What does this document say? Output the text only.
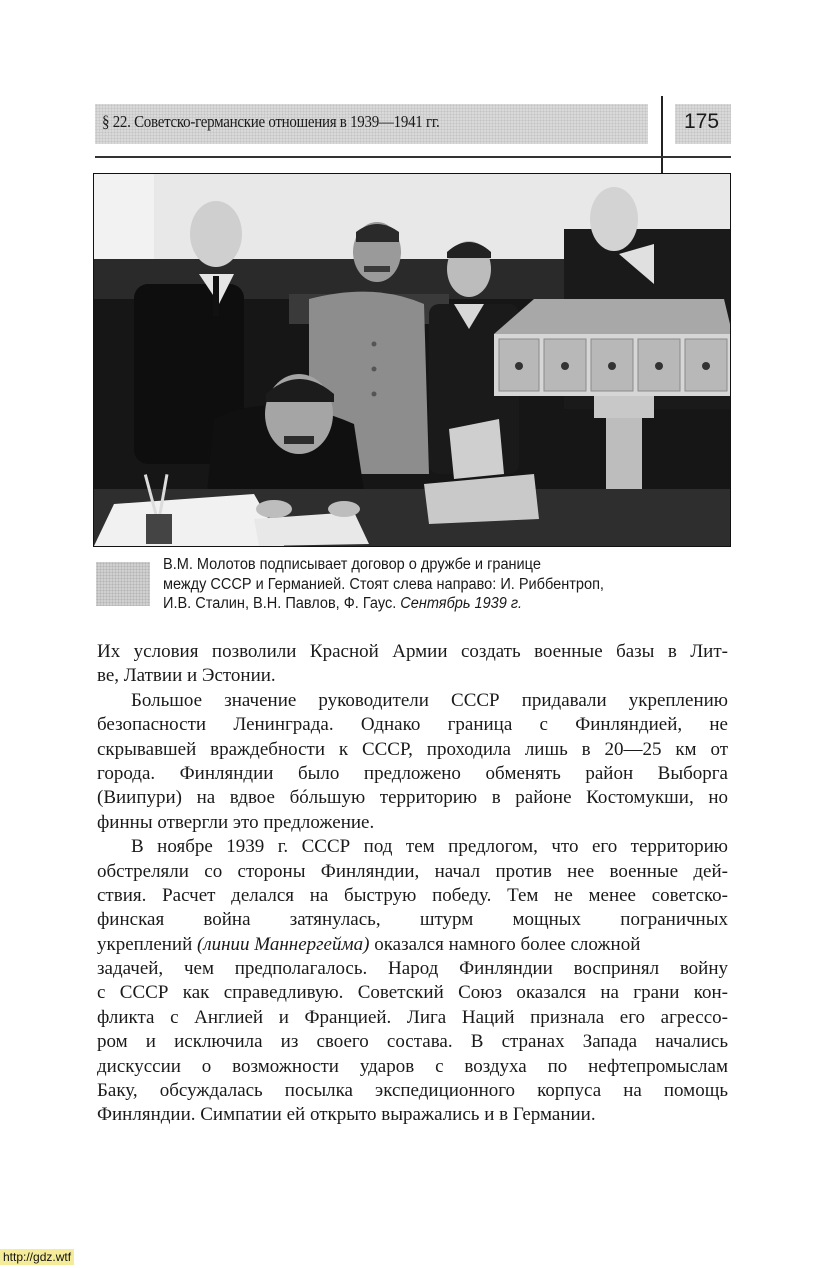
§ 22. Советско-германские отношения в 1939—1941 гг.	175
В.М. Молотов подписывает договор о дружбе и границе
между СССР и Германией. Стоят слева направо: И. Риббентроп,
И.В. Сталин, В.Н. Павлов, Ф. Гаус. Сентябрь 1939 г.
Их условия позволили Красной Армии создать военные базы в Лит-
ве, Латвии и Эстонии.
Большое значение руководители СССР придавали укреплению
безопасности Ленинграда. Однако граница с Финляндией, не
скрывавшей враждебности к СССР, проходила лишь в 20—25 км от
города. Финляндии было предложено обменять район Выборга
(Виипури) на вдвое бóльшую территорию в районе Костомукши, но
финны отвергли это предложение.
В ноябре 1939 г. СССР под тем предлогом, что его территорию
обстреляли со стороны Финляндии, начал против нее военные дей-
ствия. Расчет делался на быструю победу. Тем не менее советско-
финская война затянулась, штурм мощных пограничных
укреплений (линии Маннергейма) оказался намного более сложной
задачей, чем предполагалось. Народ Финляндии воспринял войну
с СССР как справедливую. Советский Союз оказался на грани кон-
фликта с Англией и Францией. Лига Наций признала его агрессо-
ром и исключила из своего состава. В странах Запада начались
дискуссии о возможности ударов с воздуха по нефтепромыслам
Баку, обсуждалась посылка экспедиционного корпуса на помощь
Финляндии. Симпатии ей открыто выражались и в Германии.
http://gdz.wtf
